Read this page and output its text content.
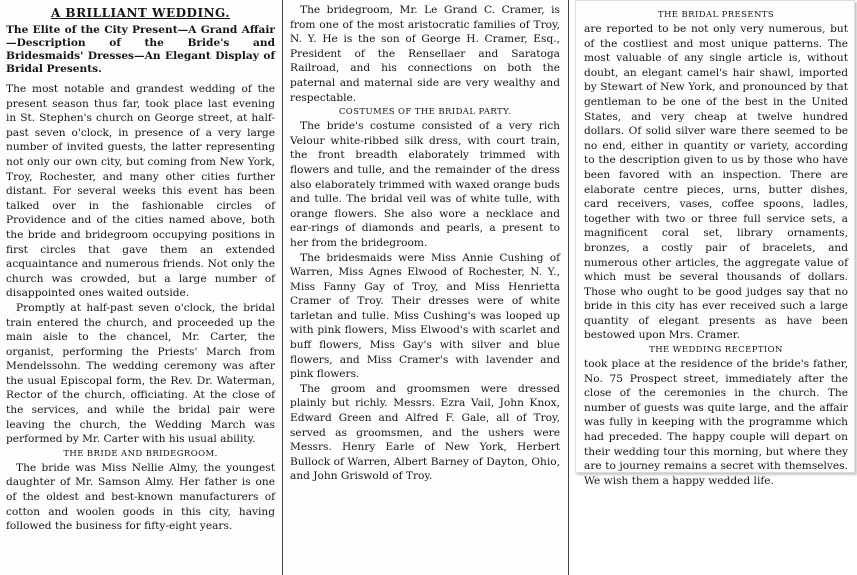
A BRILLIANT WEDDING.
The Elite of the City Present—A Grand Affair—Description of the Bride's and Bridesmaids' Dresses—An Elegant Display of Bridal Presents.

The most notable and grandest wedding of the present season thus far, took place last evening in St. Stephen's church on George street, at half-past seven o'clock, in presence of a very large number of invited guests, the latter representing not only our own city, but coming from New York, Troy, Rochester, and many other cities further distant. For several weeks this event has been talked over in the fashionable circles of Providence and of the cities named above, both the bride and bridegroom occupying positions in first circles that gave them an extended acquaintance and numerous friends. Not only the church was crowded, but a large number of disappointed ones waited outside.

Promptly at half-past seven o'clock, the bridal train entered the church, and proceeded up the main aisle to the chancel, Mr. Carter, the organist, performing the Priests' March from Mendelssohn. The wedding ceremony was after the usual Episcopal form, the Rev. Dr. Waterman, Rector of the church, officiating. At the close of the services, and while the bridal pair were leaving the church, the Wedding March was performed by Mr. Carter with his usual ability.

THE BRIDE AND BRIDEGROOM.

The bride was Miss Nellie Almy, the youngest daughter of Mr. Samson Almy. Her father is one of the oldest and best-known manufacturers of cotton and woolen goods in this city, having followed the business for fifty-eight years.

The bridegroom, Mr. Le Grand C. Cramer, is from one of the most aristocratic families of Troy, N. Y. He is the son of George H. Cramer, Esq., President of the Rensellaer and Saratoga Railroad, and his connections on both the paternal and maternal side are very wealthy and respectable.

COSTUMES OF THE BRIDAL PARTY.

The bride's costume consisted of a very rich Velour white-ribbed silk dress, with court train, the front breadth elaborately trimmed with flowers and tulle, and the remainder of the dress also elaborately trimmed with waxed orange buds and tulle. The bridal veil was of white tulle, with orange flowers. She also wore a necklace and ear-rings of diamonds and pearls, a present to her from the bridegroom.

The bridesmaids were Miss Annie Cushing of Warren, Miss Agnes Elwood of Rochester, N. Y., Miss Fanny Gay of Troy, and Miss Henrietta Cramer of Troy. Their dresses were of white tarletan and tulle. Miss Cushing's was looped up with pink flowers, Miss Elwood's with scarlet and buff flowers, Miss Gay's with silver and blue flowers, and Miss Cramer's with lavender and pink flowers.

The groom and groomsmen were dressed plainly but richly. Messrs. Ezra Vail, John Knox, Edward Green and Alfred F. Gale, all of Troy, served as groomsmen, and the ushers were Messrs. Henry Earle of New York, Herbert Bullock of Warren, Albert Barney of Dayton, Ohio, and John Griswold of Troy.

THE BRIDAL PRESENTS

are reported to be not only very numerous, but of the costliest and most unique patterns. The most valuable of any single article is, without doubt, an elegant camel's hair shawl, imported by Stewart of New York, and pronounced by that gentleman to be one of the best in the United States, and very cheap at twelve hundred dollars. Of solid silver ware there seemed to be no end, either in quantity or variety, according to the description given to us by those who have been favored with an inspection. There are elaborate centre pieces, urns, butter dishes, card receivers, vases, coffee spoons, ladles, together with two or three full service sets, a magnificent coral set, library ornaments, bronzes, a costly pair of bracelets, and numerous other articles, the aggregate value of which must be several thousands of dollars. Those who ought to be good judges say that no bride in this city has ever received such a large quantity of elegant presents as have been bestowed upon Mrs. Cramer.

THE WEDDING RECEPTION

took place at the residence of the bride's father, No. 75 Prospect street, immediately after the close of the ceremonies in the church. The number of guests was quite large, and the affair was fully in keeping with the programme which had preceded. The happy couple will depart on their wedding tour this morning, but where they are to journey remains a secret with themselves. We wish them a happy wedded life.
